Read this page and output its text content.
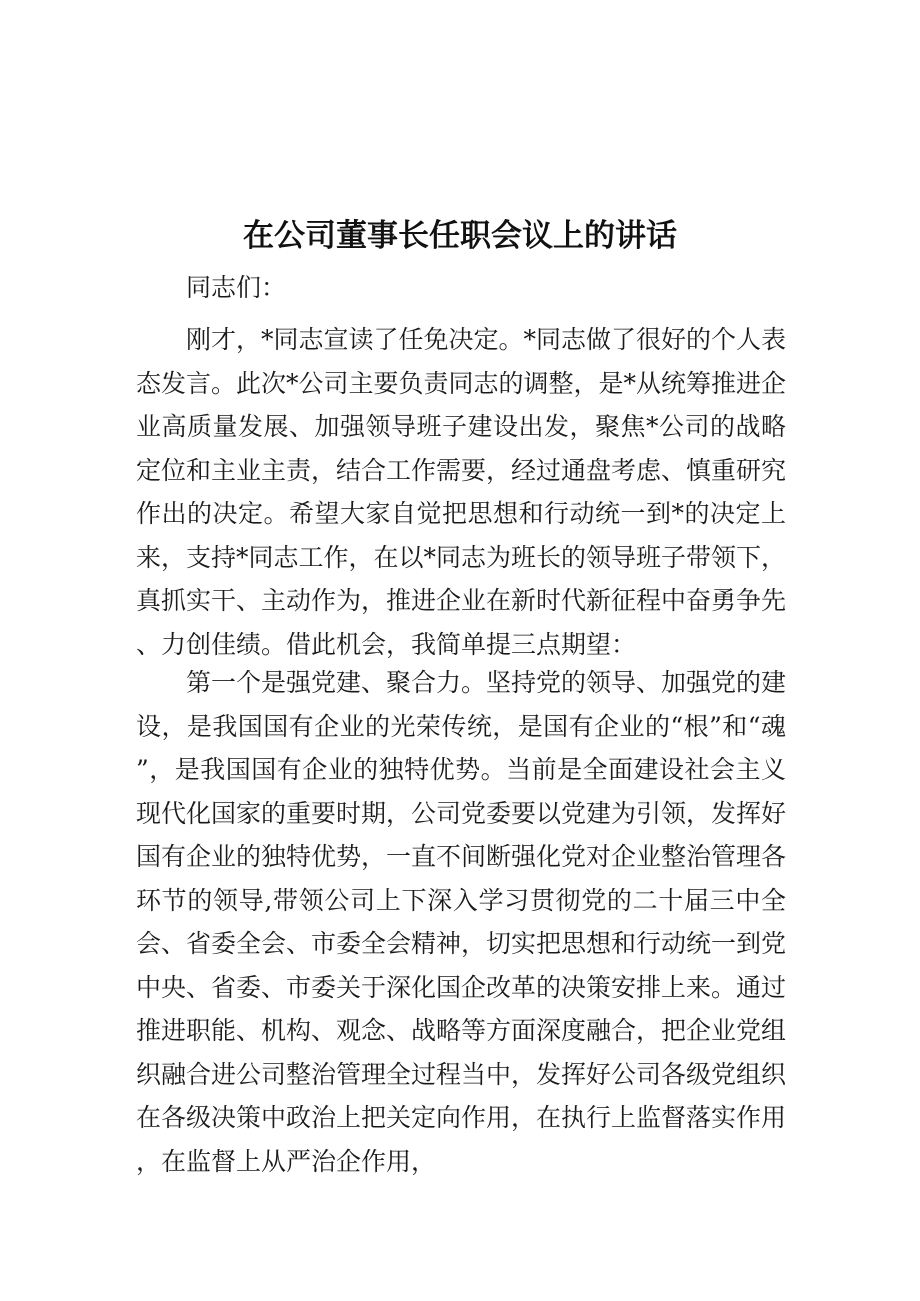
在公司董事长任职会议上的讲话

同志们：

刚才，*同志宣读了任免决定。*同志做了很好的个人表态发言。此次*公司主要负责同志的调整，是*从统筹推进企业高质量发展、加强领导班子建设出发，聚焦*公司的战略定位和主业主责，结合工作需要，经过通盘考虑、慎重研究作出的决定。希望大家自觉把思想和行动统一到*的决定上来，支持*同志工作，在以*同志为班长的领导班子带领下，真抓实干、主动作为，推进企业在新时代新征程中奋勇争先、力创佳绩。借此机会，我简单提三点期望：

第一个是强党建、聚合力。坚持党的领导、加强党的建设，是我国国有企业的光荣传统，是国有企业的“根”和“魂”，是我国国有企业的独特优势。当前是全面建设社会主义现代化国家的重要时期，公司党委要以党建为引领，发挥好国有企业的独特优势，一直不间断强化党对企业整治管理各环节的领导,带领公司上下深入学习贯彻党的二十届三中全会、省委全会、市委全会精神，切实把思想和行动统一到党中央、省委、市委关于深化国企改革的决策安排上来。通过推进职能、机构、观念、战略等方面深度融合，把企业党组织融合进公司整治管理全过程当中，发挥好公司各级党组织在各级决策中政治上把关定向作用，在执行上监督落实作用，在监督上从严治企作用，
